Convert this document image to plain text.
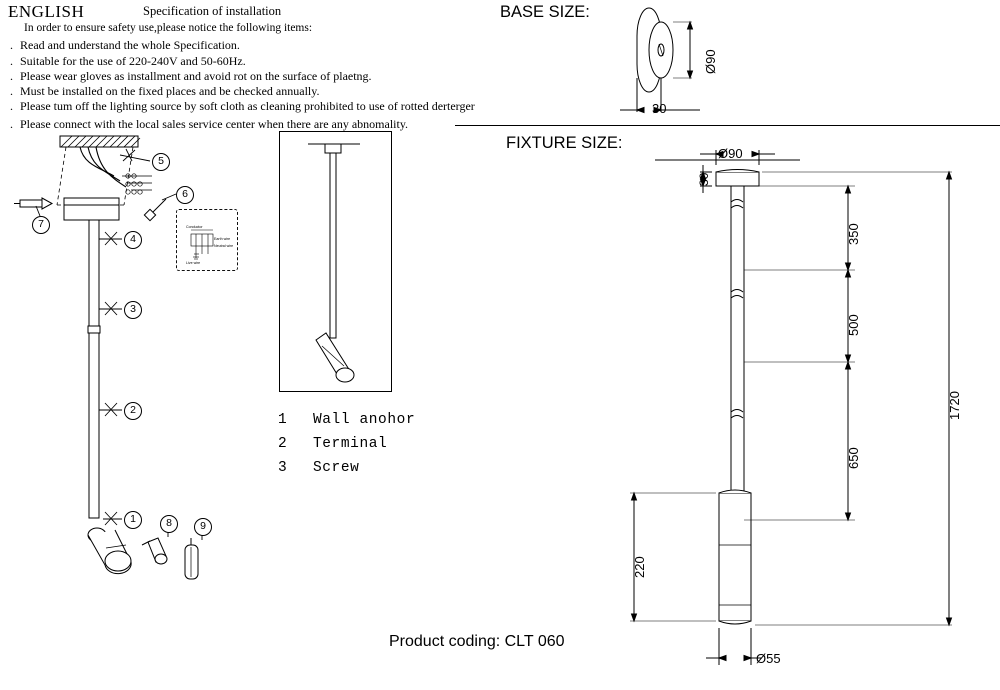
ENGLISH	Specification of installation
In order to ensure safety use,please notice the following items:
. Read and understand the whole Specification.
. Suitable for the use of 220-240V and 50-60Hz.
. Please wear gloves as installment and avoid rot on the surface of plaetng.
. Must be installed on the fixed places and be checked annually.
. Please tum off the lighting source by soft cloth as cleaning prohibited to use of rotted derterger
. Please connect with the local sales service center when there are any abnomality.
5
6
7
4
3
2
1	8	9
Conductor
Earth wire
Neutral wire
Live wire
1 Wall anohor
2 Terminal
3 Screw
BASE SIZE:
FIXTURE SIZE:
Ø90
30
Ø90
30
350
500
650
1720
220
Ø55
Product coding: CLT 060
